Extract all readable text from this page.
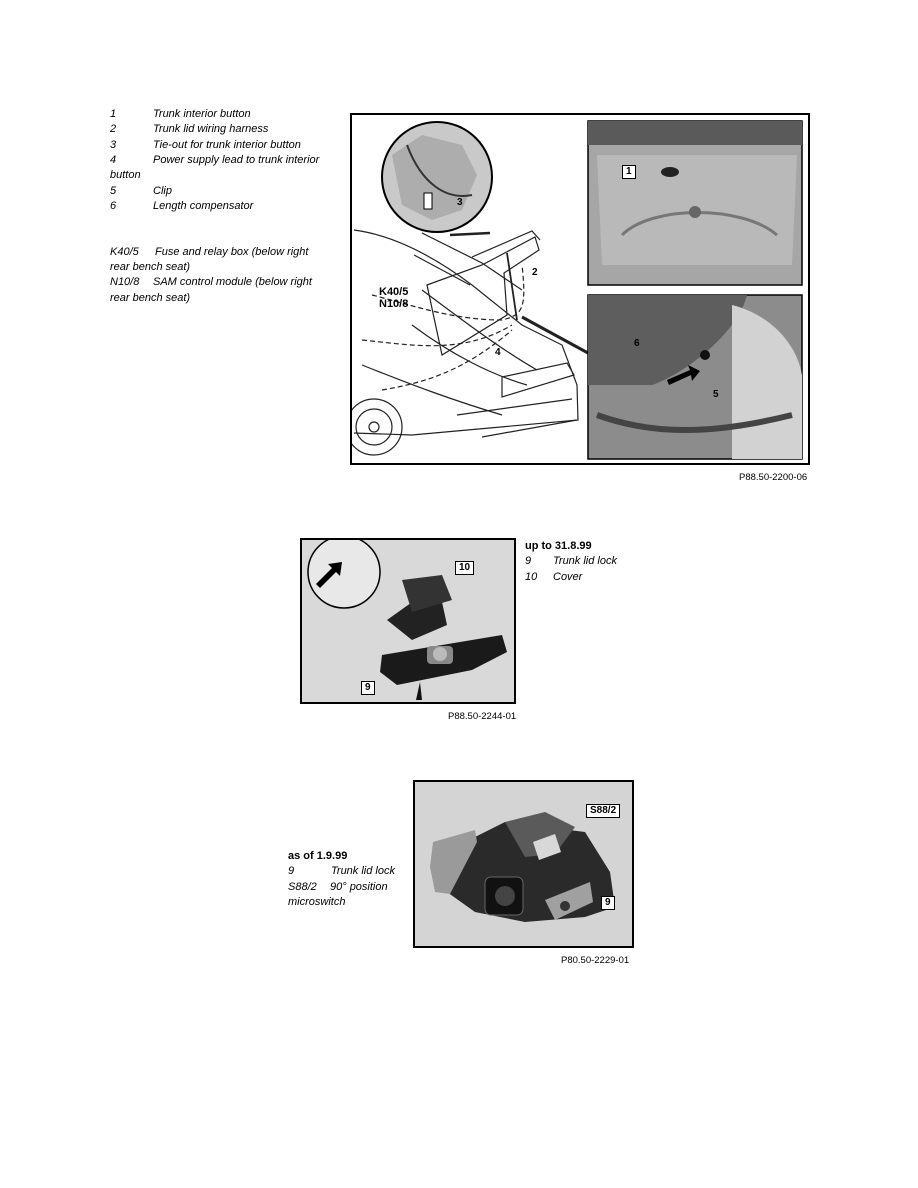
1	Trunk interior button
2	Trunk lid wiring harness
3	Tie-out for trunk interior button
4	Power supply lead to trunk interior
button
5	Clip
6	Length compensator
K40/5 Fuse and relay box (below right
rear bench seat)
N10/8 SAM control module (below right
rear bench seat)
1
2
3
4
5
6
K40/5
N10/8
P88.50-2200-06
10
9
P88.50-2244-01
up to 31.8.99
9 Trunk lid lock
10 Cover
as of 1.9.99
9	Trunk lid lock
S88/2 90° position
microswitch
S88/2
9
P80.50-2229-01
